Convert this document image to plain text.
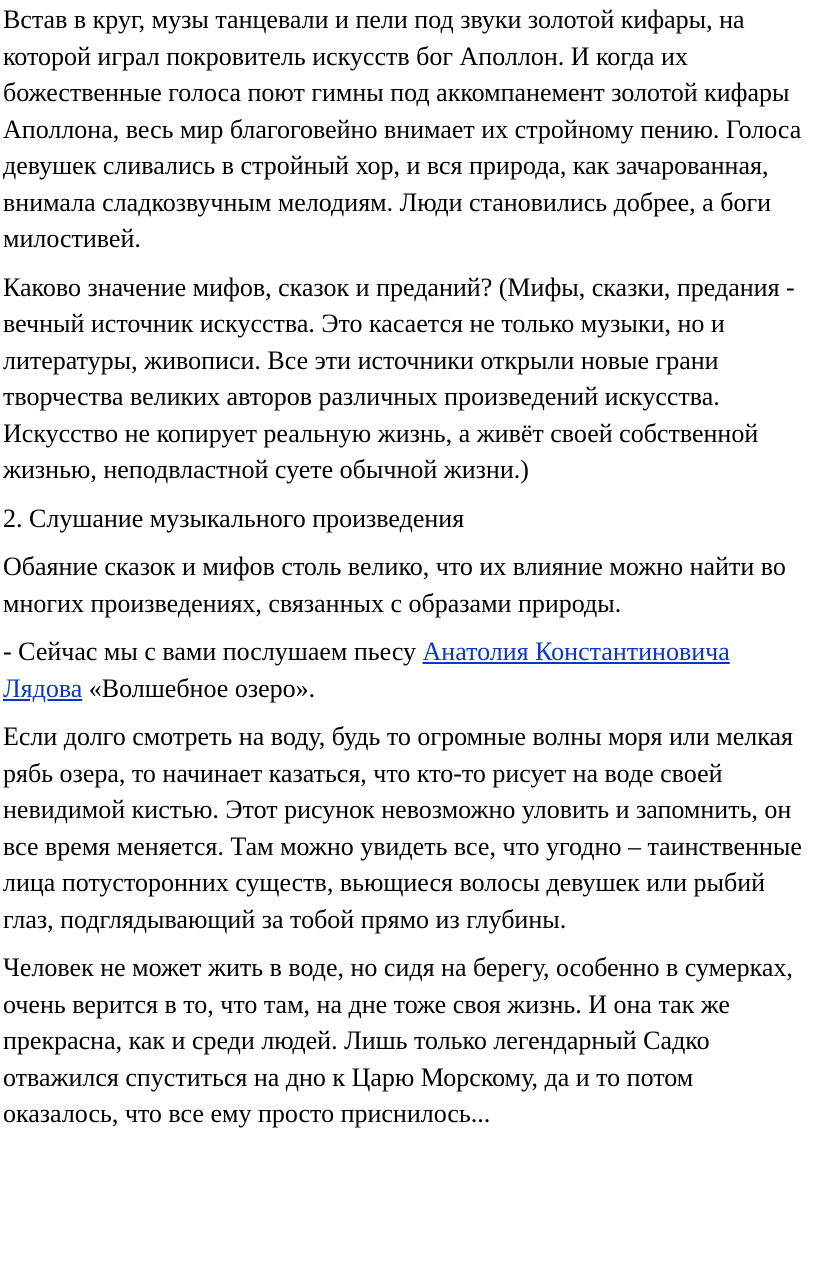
Встав в круг, музы танцевали и пели под звуки золотой кифары, на которой играл покровитель искусств бог Аполлон. И когда их божественные голоса поют гимны под аккомпанемент золотой кифары Аполлона, весь мир благоговейно внимает их стройному пению. Голоса девушек сливались в стройный хор, и вся природа, как зачарованная, внимала сладкозвучным мелодиям. Люди становились добрее, а боги милостивей.

Каково значение мифов, сказок и преданий? (Мифы, сказки, предания - вечный источник искусства. Это касается не только музыки, но и литературы, живописи. Все эти источники открыли новые грани творчества великих авторов различных произведений искусства. Искусство не копирует реальную жизнь, а живёт своей собственной жизнью, неподвластной суете обычной жизни.)

2. Слушание музыкального произведения

Обаяние сказок и мифов столь велико, что их влияние можно найти во многих произведениях, связанных с образами природы.

- Сейчас мы с вами послушаем пьесу Анатолия Константиновича Лядова «Волшебное озеро».

Если долго смотреть на воду, будь то огромные волны моря или мелкая рябь озера, то начинает казаться, что кто-то рисует на воде своей невидимой кистью. Этот рисунок невозможно уловить и запомнить, он все время меняется. Там можно увидеть все, что угодно – таинственные лица потусторонних существ, вьющиеся волосы девушек или рыбий глаз, подглядывающий за тобой прямо из глубины.

Человек не может жить в воде, но сидя на берегу, особенно в сумерках, очень верится в то, что там, на дне тоже своя жизнь. И она так же прекрасна, как и среди людей. Лишь только легендарный Садко отважился спуститься на дно к Царю Морскому, да и то потом оказалось, что все ему просто приснилось...
